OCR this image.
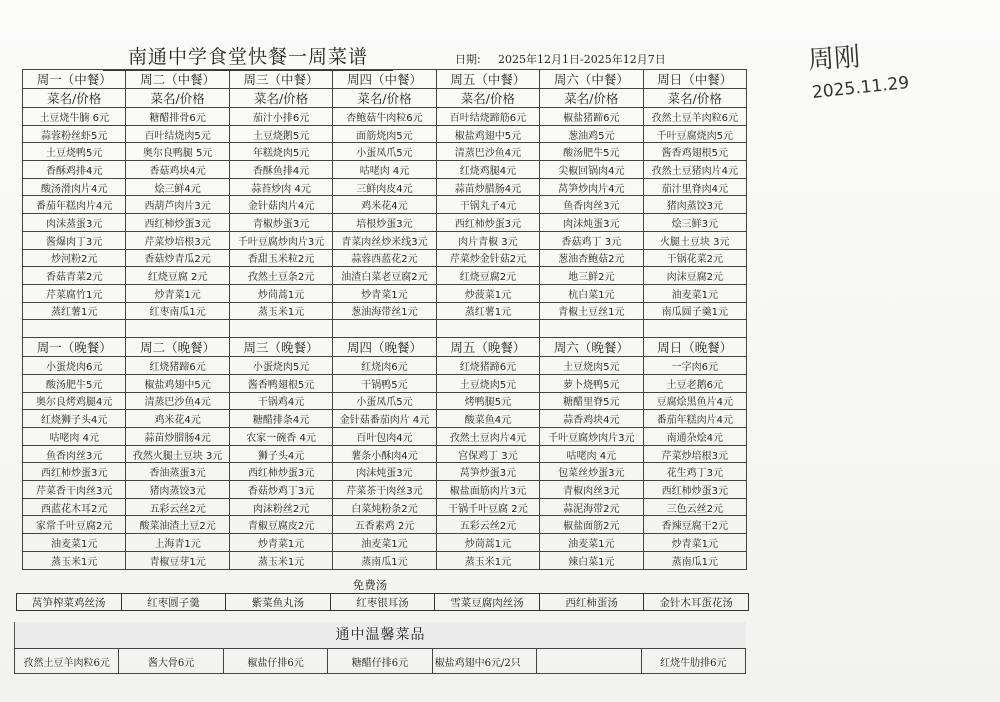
南通中学食堂快餐一周菜谱	日期: 2025年12月1日-2025年12月7日	周刚
2025.11.29
周一（中餐）	周二（中餐）	周三（中餐）	周四（中餐）	周五（中餐）	周六（中餐）	周日（中餐）
菜名/价格	菜名/价格	菜名/价格	菜名/价格	菜名/价格	菜名/价格	菜名/价格
土豆烧牛腩 6元	糖醋排骨6元	茄汁小排6元	杏鲍菇牛肉粒6元	百叶结烧蹄筋6元	椒盐猪蹄6元	孜然土豆羊肉粒6元
蒜蓉粉丝虾5元	百叶结烧肉5元	土豆烧鹅5元	面筋烧肉5元	椒盐鸡翅中5元	葱油鸡5元	千叶豆腐烧肉5元
土豆烧鸭5元	奥尔良鸭腿 5元	年糕烧肉5元	小蛋凤爪5元	清蒸巴沙鱼4元	酸汤肥牛5元	酱香鸡翅根5元
香酥鸡排4元	香菇鸡块4元	香酥鱼排4元	咕咾肉 4元	红烧鸡腿4元	尖椒回锅肉4元	孜然土豆猪肉片4元
酸汤滑肉片4元	烩三鲜4元	蒜苔炒肉 4元	三鲜肉皮4元	蒜苗炒腊肠4元	莴笋炒肉片4元	茄汁里脊肉4元
番茄年糕肉片4元	西葫芦肉片3元	金针菇肉片4元	鸡米花4元	干锅丸子4元	鱼香肉丝3元	猪肉蒸饺3元
肉沫蒸蛋3元	西红柿炒蛋3元	青椒炒蛋3元	培根炒蛋3元	西红柿炒蛋3元	肉沫炖蛋3元	烩三鲜3元
酱爆肉丁3元	芹菜炒培根3元	千叶豆腐炒肉片3元	青菜肉丝炒米线3元	肉片青椒 3元	香菇鸡丁 3元	火腿土豆块 3元
炒河粉2元	香菇炒青瓜2元	香甜玉米粒2元	蒜蓉西蓝花2元	芹菜炒金针菇2元	葱油杏鲍菇2元	干锅花菜2元
香菇青菜2元	红烧豆腐 2元	孜然土豆条2元	油渣白菜老豆腐2元	红烧豆腐2元	地三鲜2元	肉沫豆腐2元
芹菜腐竹1元	炒青菜1元	炒茼蒿1元	炒青菜1元	炒菠菜1元	杭白菜1元	油麦菜1元
蒸红薯1元	红枣南瓜1元	蒸玉米1元	葱油海带丝1元	蒸红薯1元	青椒土豆丝1元	南瓜圆子羹1元

周一（晚餐）	周二（晚餐）	周三（晚餐）	周四（晚餐）	周五（晚餐）	周六（晚餐）	周日（晚餐）
小蛋烧肉6元	红烧猪蹄6元	小蛋烧肉5元	红烧肉6元	红烧猪蹄6元	土豆烧肉5元	一字肉6元
酸汤肥牛5元	椒盐鸡翅中5元	酱香鸭翅根5元	干锅鸭5元	土豆烧肉5元	萝卜烧鸭5元	土豆老鹅6元
奥尔良烤鸡腿4元	清蒸巴沙鱼4元	干锅鸡4元	小蛋凤爪5元	烤鸭腿5元	糖醋里脊5元	豆腐烩黑鱼片4元
红烧狮子头4元	鸡米花4元	糖醋排条4元	金针菇番茄肉片 4元	酸菜鱼4元	蒜香鸡块4元	番茄年糕肉片4元
咕咾肉 4元	蒜苗炒腊肠4元	农家一碗香 4元	百叶包肉4元	孜然土豆肉片4元	千叶豆腐炒肉片3元	南通杂烩4元
鱼香肉丝3元	孜然火腿土豆块 3元	狮子头4元	薯条小酥肉4元	宫保鸡丁 3元	咕咾肉 4元	芹菜炒培根3元
西红柿炒蛋3元	香油蒸蛋3元	西红柿炒蛋3元	肉沫炖蛋3元	莴笋炒蛋3元	包菜丝炒蛋3元	花生鸡丁3元
芹菜香干肉丝3元	猪肉蒸饺3元	香菇炒鸡丁3元	芹菜茶干肉丝3元	椒盐面筋肉片3元	青椒肉丝3元	西红柿炒蛋3元
西蓝花木耳2元	五彩云丝2元	肉沫粉丝2元	白菜炖粉条2元	干锅千叶豆腐 2元	蒜泥海带2元	三色云丝2元
家常千叶豆腐2元	酸菜油渣土豆2元	青椒豆腐皮2元	五香素鸡 2元	五彩云丝2元	椒盐面筋2元	香辣豆腐干2元
油麦菜1元	上海青1元	炒青菜1元	油麦菜1元	炒茼蒿1元	油麦菜1元	炒青菜1元
蒸玉米1元	青椒豆芽1元	蒸玉米1元	蒸南瓜1元	蒸玉米1元	辣白菜1元	蒸南瓜1元
免费汤
莴笋榨菜鸡丝汤	红枣圆子羹	紫菜鱼丸汤	红枣银耳汤	雪菜豆腐肉丝汤	西红柿蛋汤	金针木耳蛋花汤
通中温馨菜品
孜然土豆羊肉粒6元	酱大骨6元	椒盐仔排6元	糖醋仔排6元	椒盐鸡翅中6元/2只		红烧牛肋排6元
